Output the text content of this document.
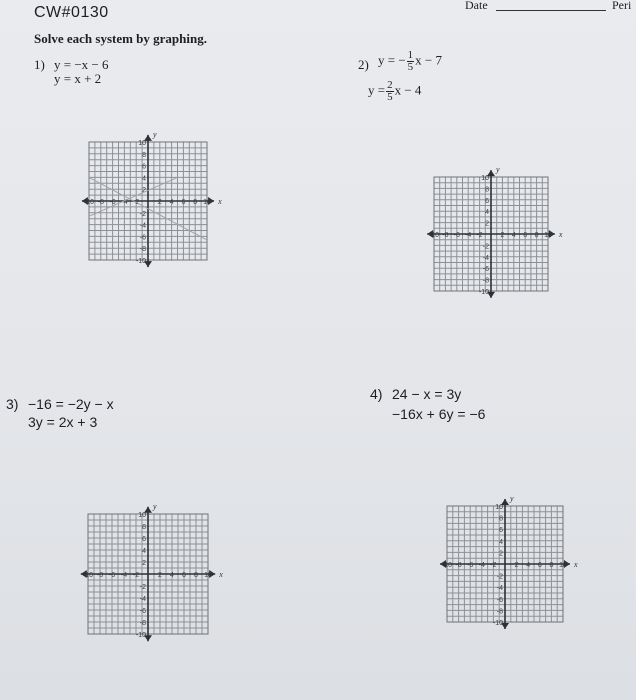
CW#0130	Date	Peri
Solve each system by graphing.
1) y = −x − 6
y = x + 2
2) y = − $\frac{1}{5}$ x − 7
$y = \frac{2}{5}$ x − 4
3) −16 = −2y − x
3y = 2x + 3
4) 24 − x = 3y
−16x + 6y = −6
-10 -8 -6 -4 -2	2 4 6 8 10
10
8
6
4
2
-2
-4
-6
-8
-10
x
y
-10 -8 -6 -4 -2	2 4 6 8 10
10
8
6
4
2
-2
-4
-6
-8
-10
x
y
-10 -8 -6 -4 -2	2 4 6 8 10
10
8
6
4
2
-2
-4
-6
-8
-10
x
y
-10 -8 -6 -4 -2	2 4 6 8 10
10
8
6
4
2
-2
-4
-6
-8
-10
x
y
